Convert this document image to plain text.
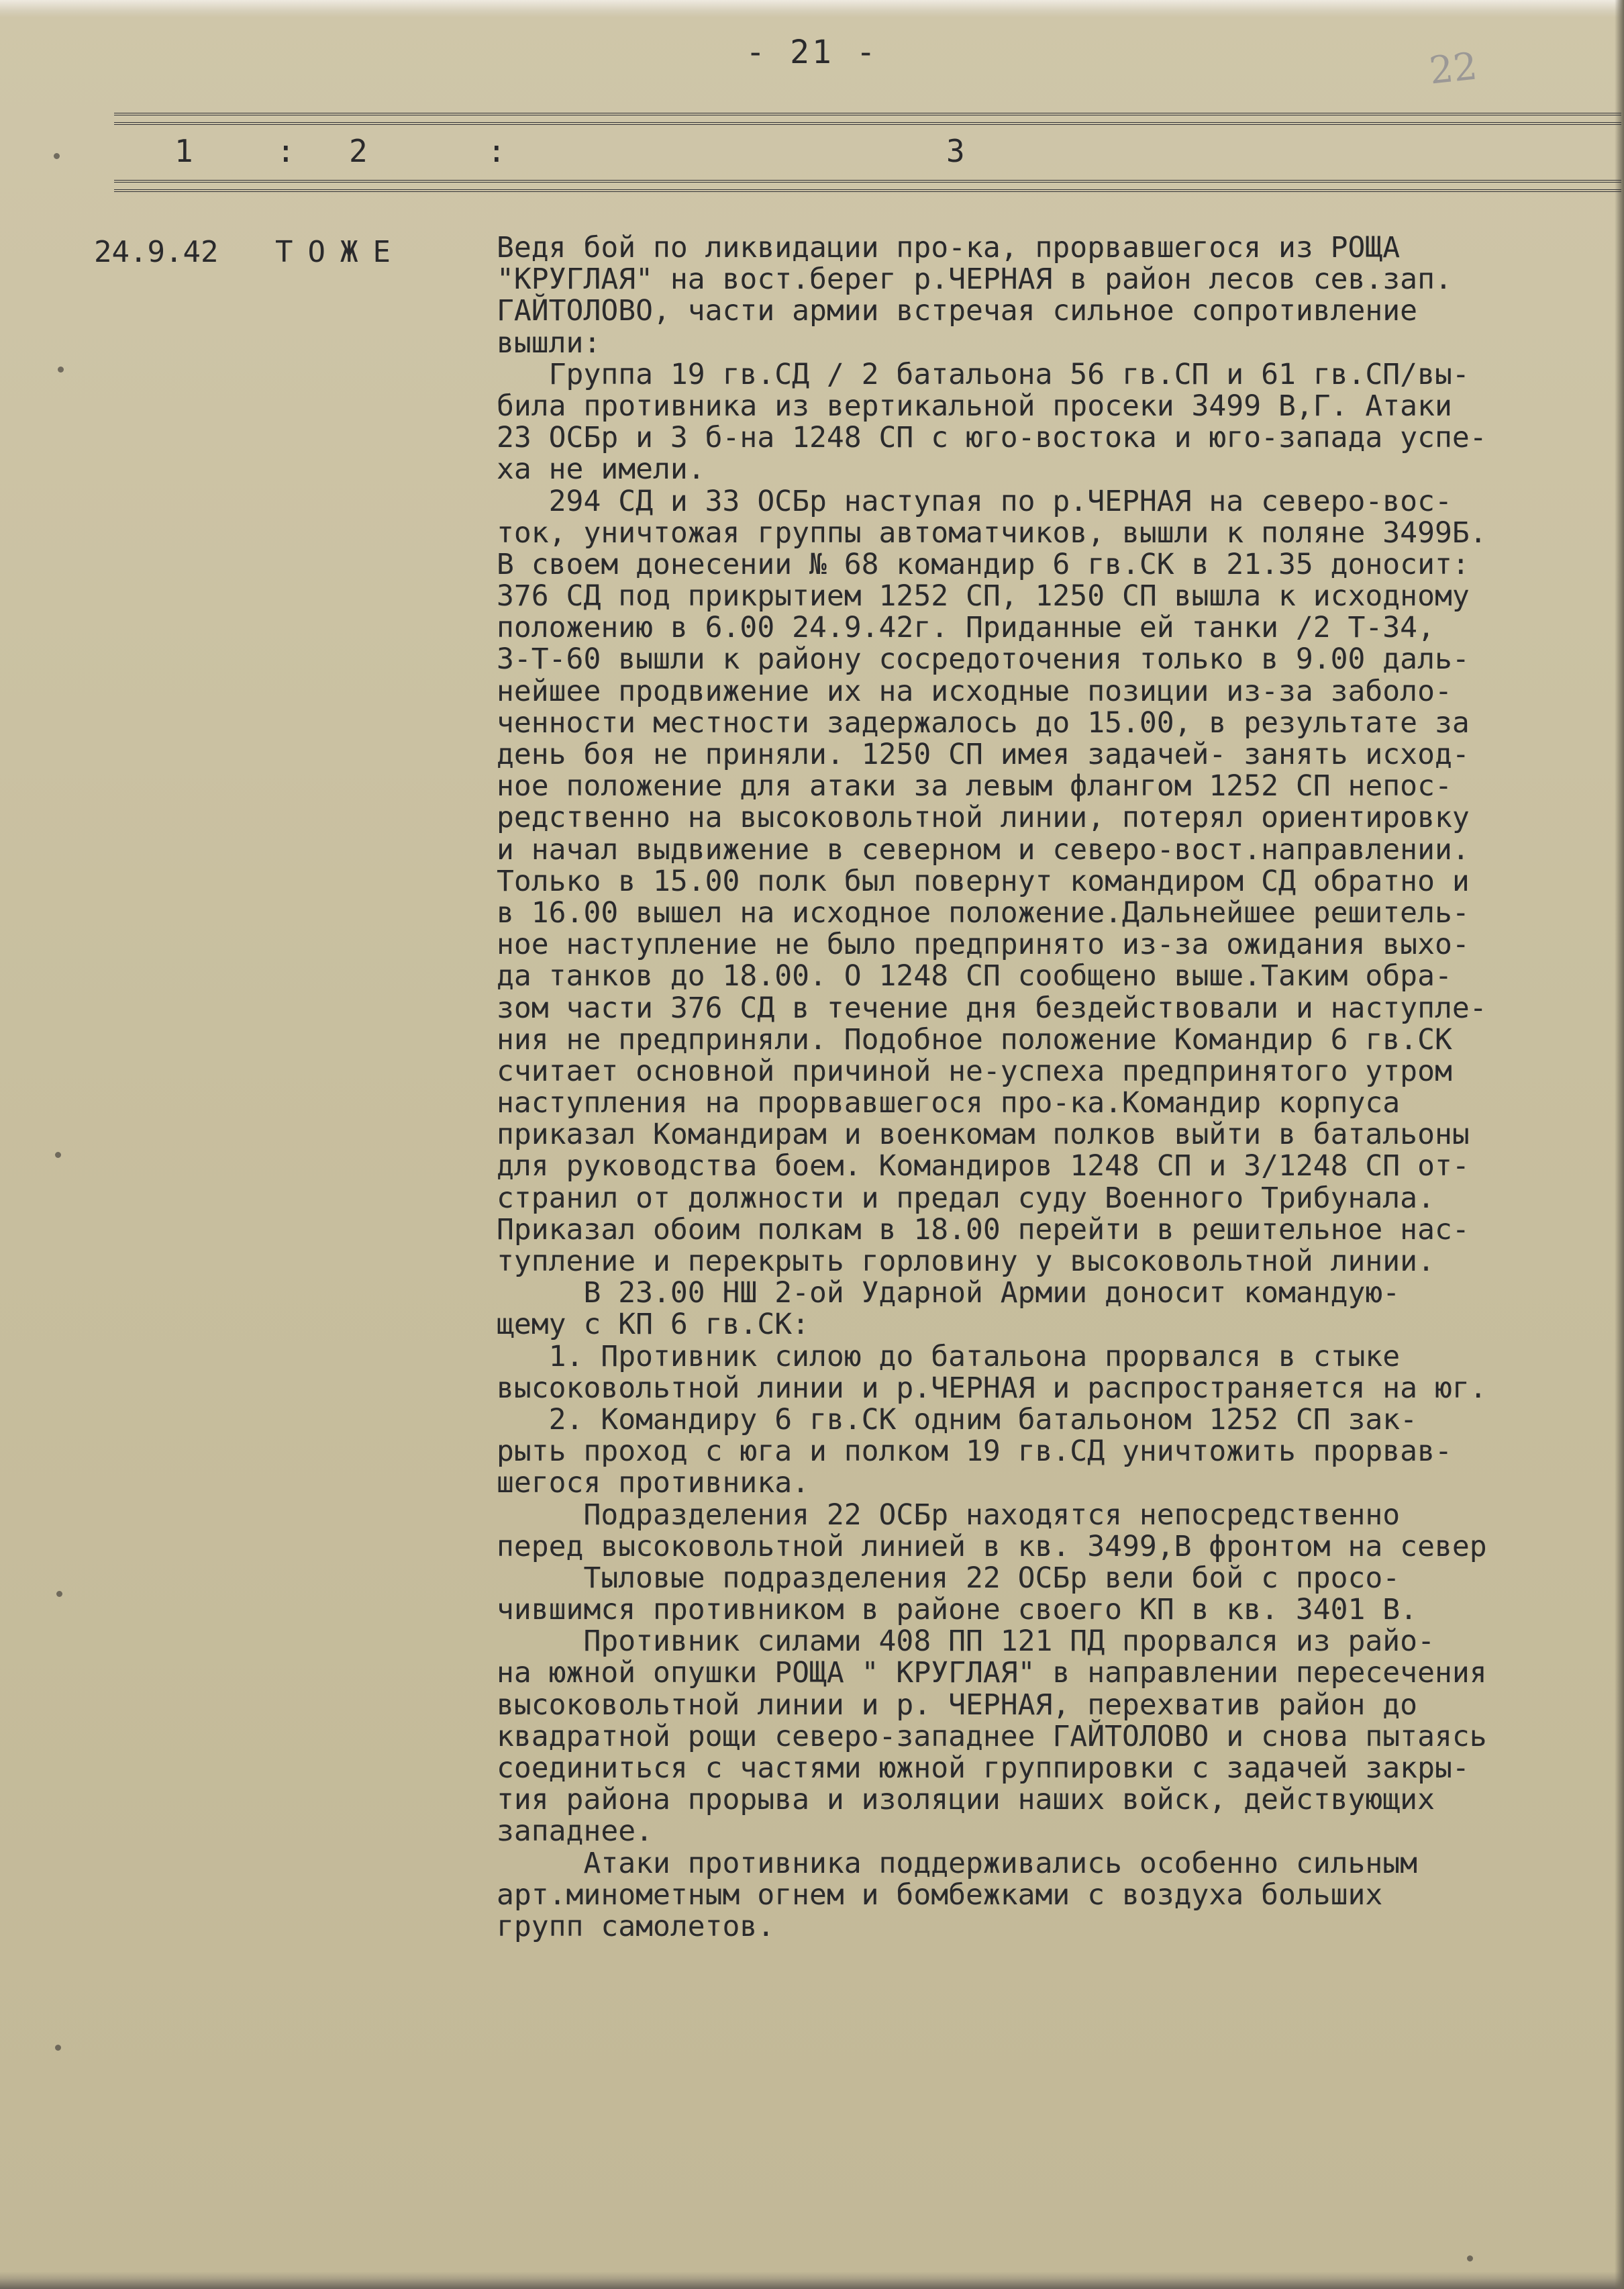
- 21 -	22
1	: 2	:	3
24.9.42 ТОЖЕ	Ведя бой по ликвидации про-ка, прорвавшегося из РОЩА
"КРУГЛАЯ" на вост.берег р.ЧЕРНАЯ в район лесов сев.зап.
ГАЙТОЛОВО, части армии встречая сильное сопротивление
вышли:
Группа 19 гв.СД / 2 батальона 56 гв.СП и 61 гв.СП/вы-
била противника из вертикальной просеки 3499 В,Г. Атаки
23 ОСБр и 3 б-на 1248 СП с юго-востока и юго-запада успе-
ха не имели.
294 СД и 33 ОСБр наступая по р.ЧЕРНАЯ на северо-вос-
ток, уничтожая группы автоматчиков, вышли к поляне 3499Б.
В своем донесении № 68 командир 6 гв.СК в 21.35 доносит:
376 СД под прикрытием 1252 СП, 1250 СП вышла к исходному
положению в 6.00 24.9.42г. Приданные ей танки /2 Т-34,
3-Т-60 вышли к району сосредоточения только в 9.00 даль-
нейшее продвижение их на исходные позиции из-за заболо-
ченности местности задержалось до 15.00, в результате за
день боя не приняли. 1250 СП имея задачей- занять исход-
ное положение для атаки за левым флангом 1252 СП непос-
редственно на высоковольтной линии, потерял ориентировку
и начал выдвижение в северном и северо-вост.направлении.
Только в 15.00 полк был повернут командиром СД обратно и
в 16.00 вышел на исходное положение.Дальнейшее решитель-
ное наступление не было предпринято из-за ожидания выхо-
да танков до 18.00. О 1248 СП сообщено выше.Таким обра-
зом части 376 СД в течение дня бездействовали и наступле-
ния не предприняли. Подобное положение Командир 6 гв.СК
считает основной причиной не-успеха предпринятого утром
наступления на прорвавшегося про-ка.Командир корпуса
приказал Командирам и военкомам полков выйти в батальоны
для руководства боем. Командиров 1248 СП и 3/1248 СП от-
странил от должности и предал суду Военного Трибунала.
Приказал обоим полкам в 18.00 перейти в решительное нас-
тупление и перекрыть горловину у высоковольтной линии.
В 23.00 НШ 2-ой Ударной Армии доносит командую-
щему с КП 6 гв.СК:
1. Противник силою до батальона прорвался в стыке
высоковольтной линии и р.ЧЕРНАЯ и распространяется на юг.
2. Командиру 6 гв.СК одним батальоном 1252 СП зак-
рыть проход с юга и полком 19 гв.СД уничтожить прорвав-
шегося противника.
Подразделения 22 ОСБр находятся непосредственно
перед высоковольтной линией в кв. 3499,В фронтом на север
Тыловые подразделения 22 ОСБр вели бой с просо-
чившимся противником в районе своего КП в кв. 3401 В.
Противник силами 408 ПП 121 ПД прорвался из райо-
на южной опушки РОЩА " КРУГЛАЯ" в направлении пересечения
высоковольтной линии и р. ЧЕРНАЯ, перехватив район до
квадратной рощи северо-западнее ГАЙТОЛОВО и снова пытаясь
соединиться с частями южной группировки с задачей закры-
тия района прорыва и изоляции наших войск, действующих
западнее.
Атаки противника поддерживались особенно сильным
арт.минометным огнем и бомбежками с воздуха больших
групп самолетов.
